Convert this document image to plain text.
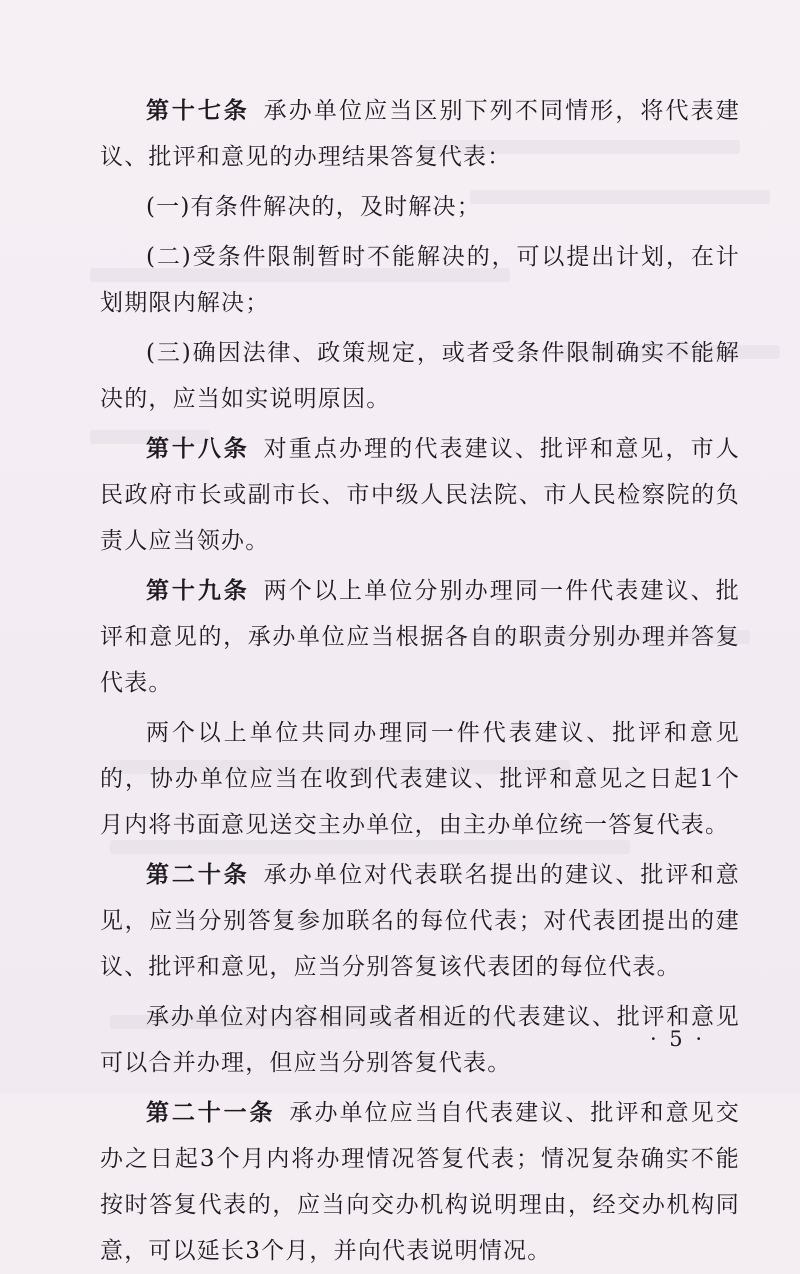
第十七条 承办单位应当区别下列不同情形，将代表建议、批评和意见的办理结果答复代表：

(一)有条件解决的，及时解决；

(二)受条件限制暂时不能解决的，可以提出计划，在计划期限内解决；

(三)确因法律、政策规定，或者受条件限制确实不能解决的，应当如实说明原因。

第十八条 对重点办理的代表建议、批评和意见，市人民政府市长或副市长、市中级人民法院、市人民检察院的负责人应当领办。

第十九条 两个以上单位分别办理同一件代表建议、批评和意见的，承办单位应当根据各自的职责分别办理并答复代表。

两个以上单位共同办理同一件代表建议、批评和意见的，协办单位应当在收到代表建议、批评和意见之日起1个月内将书面意见送交主办单位，由主办单位统一答复代表。

第二十条 承办单位对代表联名提出的建议、批评和意见，应当分别答复参加联名的每位代表；对代表团提出的建议、批评和意见，应当分别答复该代表团的每位代表。

承办单位对内容相同或者相近的代表建议、批评和意见可以合并办理，但应当分别答复代表。

第二十一条 承办单位应当自代表建议、批评和意见交办之日起3个月内将办理情况答复代表；情况复杂确实不能按时答复代表的，应当向交办机构说明理由，经交办机构同意，可以延长3个月，并向代表说明情况。

· 5 ·
